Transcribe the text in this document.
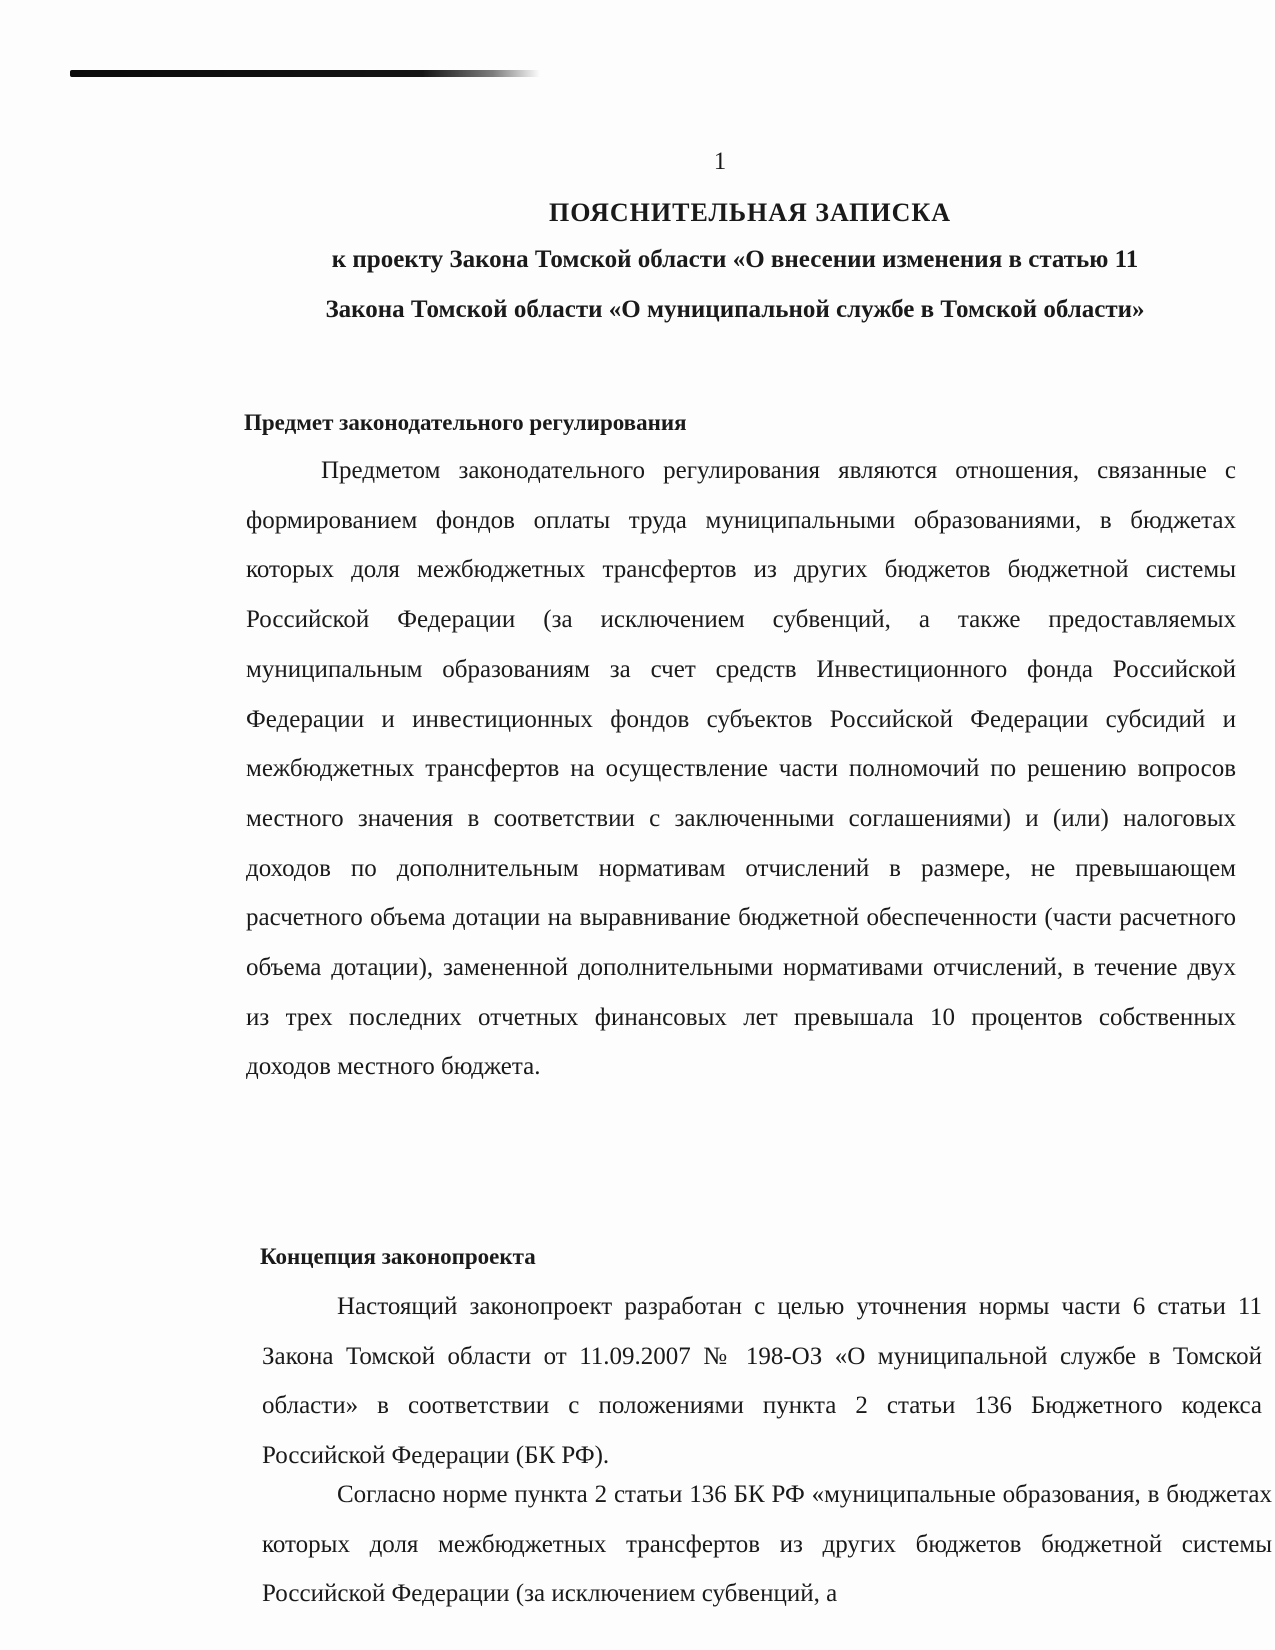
1
ПОЯСНИТЕЛЬНАЯ ЗАПИСКА
к проекту Закона Томской области «О внесении изменения в статью 11
Закона Томской области «О муниципальной службе в Томской области»
Предмет законодательного регулирования
Предметом законодательного регулирования являются отношения, связанные с формированием фондов оплаты труда муниципальными образованиями, в бюджетах которых доля межбюджетных трансфертов из других бюджетов бюджетной системы Российской Федерации (за исключением субвенций, а также предоставляемых муниципальным образованиям за счет средств Инвестиционного фонда Российской Федерации и инвестиционных фондов субъектов Российской Федерации субсидий и межбюджетных трансфертов на осуществление части полномочий по решению вопросов местного значения в соответствии с заключенными соглашениями) и (или) налоговых доходов по дополнительным нормативам отчислений в размере, не превышающем расчетного объема дотации на выравнивание бюджетной обеспеченности (части расчетного объема дотации), замененной дополнительными нормативами отчислений, в течение двух из трех последних отчетных финансовых лет превышала 10 процентов собственных доходов местного бюджета.
Концепция законопроекта
Настоящий законопроект разработан с целью уточнения нормы части 6 статьи 11 Закона Томской области от 11.09.2007 № 198-ОЗ «О муниципальной службе в Томской области» в соответствии с положениями пункта 2 статьи 136 Бюджетного кодекса Российской Федерации (БК РФ).
Согласно норме пункта 2 статьи 136 БК РФ «муниципальные образования, в бюджетах которых доля межбюджетных трансфертов из других бюджетов бюджетной системы Российской Федерации (за исключением субвенций, а
